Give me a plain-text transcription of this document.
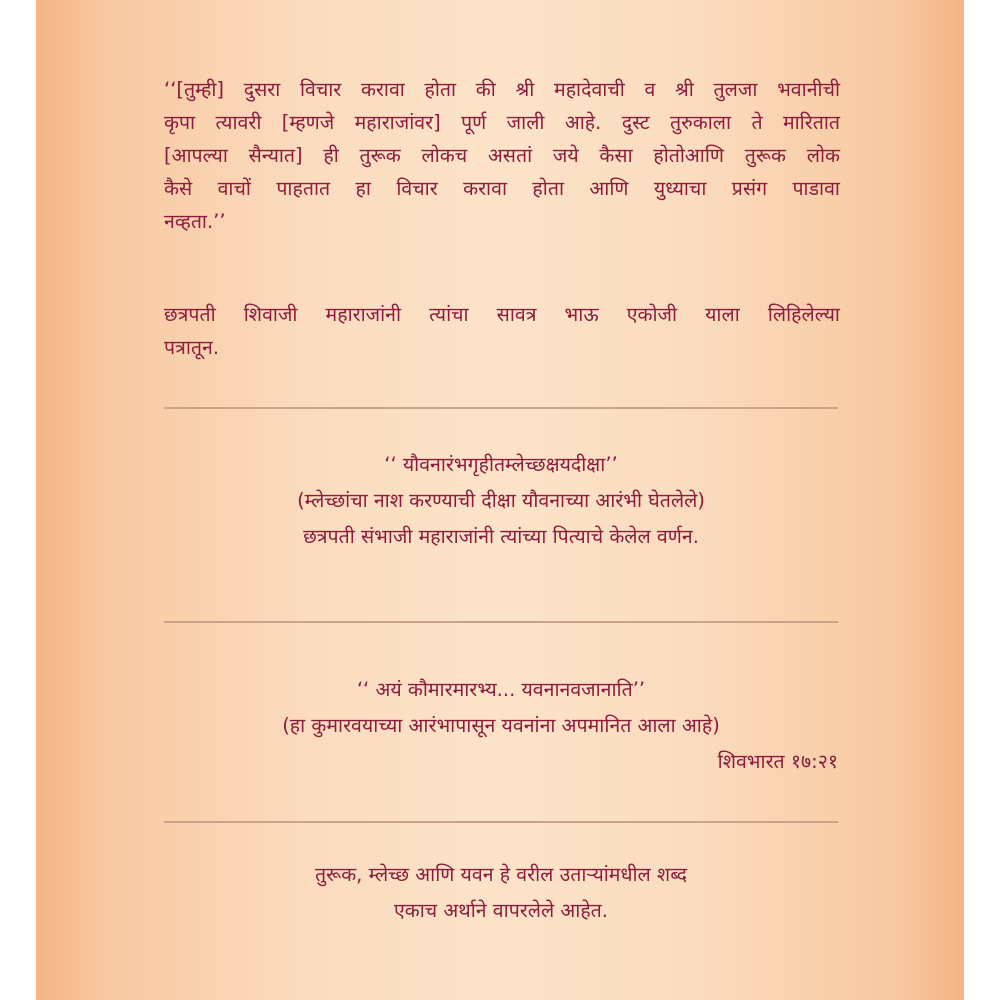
‘‘[तुम्ही] दुसरा विचार करावा होता की श्री महादेवाची व श्री तुलजा भवानीची
कृपा त्यावरी [म्हणजे महाराजांवर] पूर्ण जाली आहे. दुस्ट तुरुकाला ते मारितात
[आपल्या सैन्यात] ही तुरूक लोकच असतां जये कैसा होतोआणि तुरूक लोक
कैसे वाचों पाहतात हा विचार करावा होता आणि युध्याचा प्रसंग पाडावा
नव्हता.’’
छत्रपती शिवाजी महाराजांनी त्यांचा सावत्र भाऊ एकोजी याला लिहिलेल्या
पत्रातून.
‘‘ यौवनारंभगृहीतम्लेच्छक्षयदीक्षा’’
(म्लेच्छांचा नाश करण्याची दीक्षा यौवनाच्या आरंभी घेतलेले)
छत्रपती संभाजी महाराजांनी त्यांच्या पित्याचे केलेल वर्णन.
‘‘ अयं कौमारमारभ्य... यवनानवजानाति’’
(हा कुमारवयाच्या आरंभापासून यवनांना अपमानित आला आहे)
शिवभारत १७:२१
तुरूक, म्लेच्छ आणि यवन हे वरील उताऱ्यांमधील शब्द
एकाच अर्थाने वापरलेले आहेत.
